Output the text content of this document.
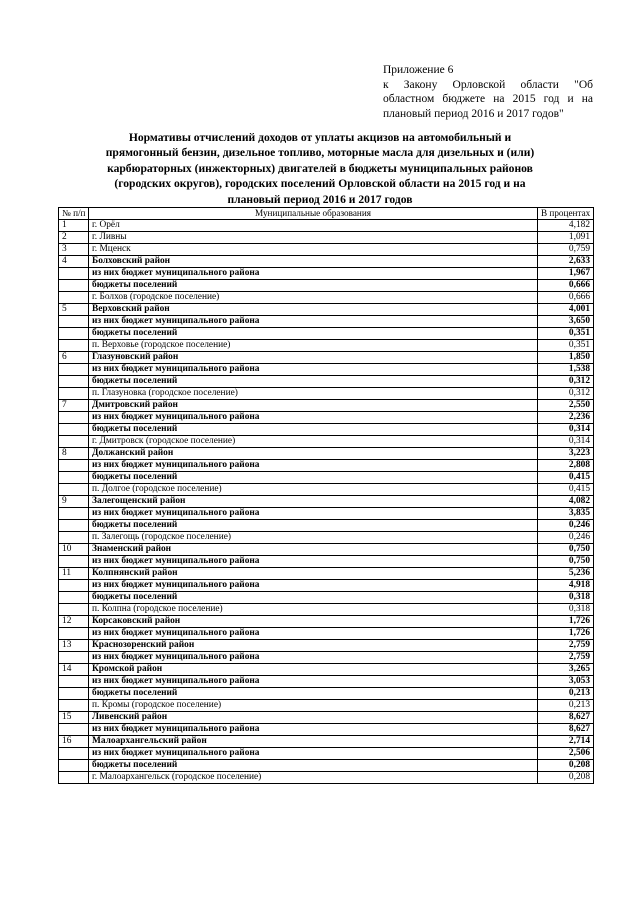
Приложение 6
к Закону Орловской области "Об
областном бюджете на 2015 год и на
плановый период 2016 и 2017 годов"
Нормативы отчислений доходов от уплаты акцизов на автомобильный и
прямогонный бензин, дизельное топливо, моторные масла для дизельных и (или)
карбюраторных (инжекторных) двигателей в бюджеты муниципальных районов
(городских округов), городских поселений Орловской области на 2015 год и на
плановый период 2016 и 2017 годов
№ п/п	Муниципальные образования	В процентах
1	г. Орёл	4,182
2	г. Ливны	1,091
3	г. Мценск	0,759
4	Болховский район	2,633
	из них бюджет муниципального района	1,967
	бюджеты поселений	0,666
	г. Болхов (городское поселение)	0,666
5	Верховский район	4,001
	из них бюджет муниципального района	3,650
	бюджеты поселений	0,351
	п. Верховье (городское поселение)	0,351
6	Глазуновский район	1,850
	из них бюджет муниципального района	1,538
	бюджеты поселений	0,312
	п. Глазуновка (городское поселение)	0,312
7	Дмитровский район	2,550
	из них бюджет муниципального района	2,236
	бюджеты поселений	0,314
	г. Дмитровск (городское поселение)	0,314
8	Должанский район	3,223
	из них бюджет муниципального района	2,808
	бюджеты поселений	0,415
	п. Долгое (городское поселение)	0,415
9	Залегощенский район	4,082
	из них бюджет муниципального района	3,835
	бюджеты поселений	0,246
	п. Залегощь (городское поселение)	0,246
10	Знаменский район	0,750
	из них бюджет муниципального района	0,750
11	Колпнянский район	5,236
	из них бюджет муниципального района	4,918
	бюджеты поселений	0,318
	п. Колпна (городское поселение)	0,318
12	Корсаковский район	1,726
	из них бюджет муниципального района	1,726
13	Краснозоренский район	2,759
	из них бюджет муниципального района	2,759
14	Кромской район	3,265
	из них бюджет муниципального района	3,053
	бюджеты поселений	0,213
	п. Кромы (городское поселение)	0,213
15	Ливенский район	8,627
	из них бюджет муниципального района	8,627
16	Малоархангельский район	2,714
	из них бюджет муниципального района	2,506
	бюджеты поселений	0,208
	г. Малоархангельск (городское поселение)	0,208
